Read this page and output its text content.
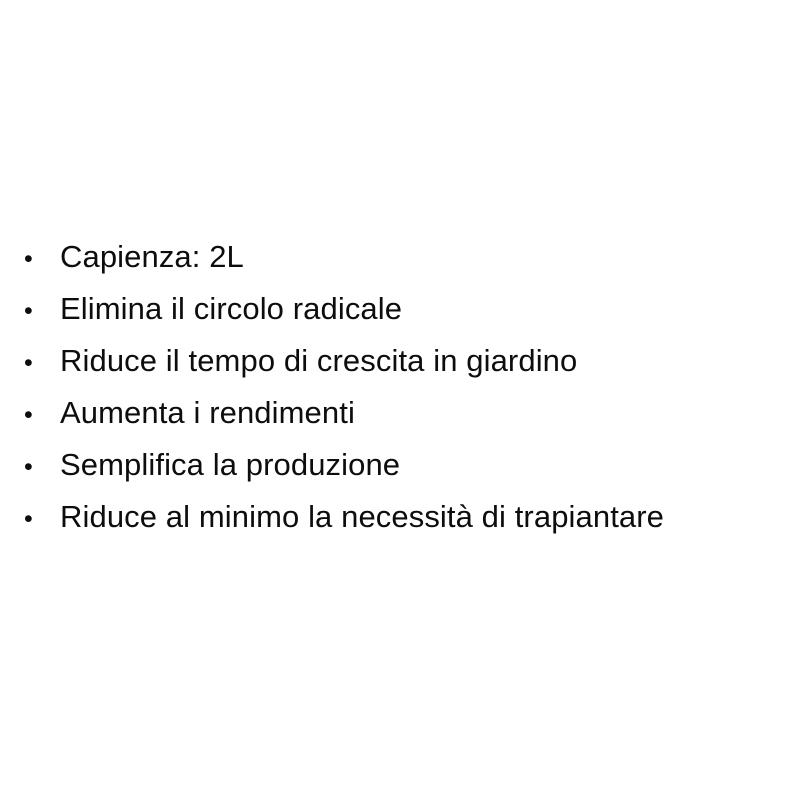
• Capienza: 2L
• Elimina il circolo radicale
• Riduce il tempo di crescita in giardino
• Aumenta i rendimenti
• Semplifica la produzione
• Riduce al minimo la necessità di trapiantare
